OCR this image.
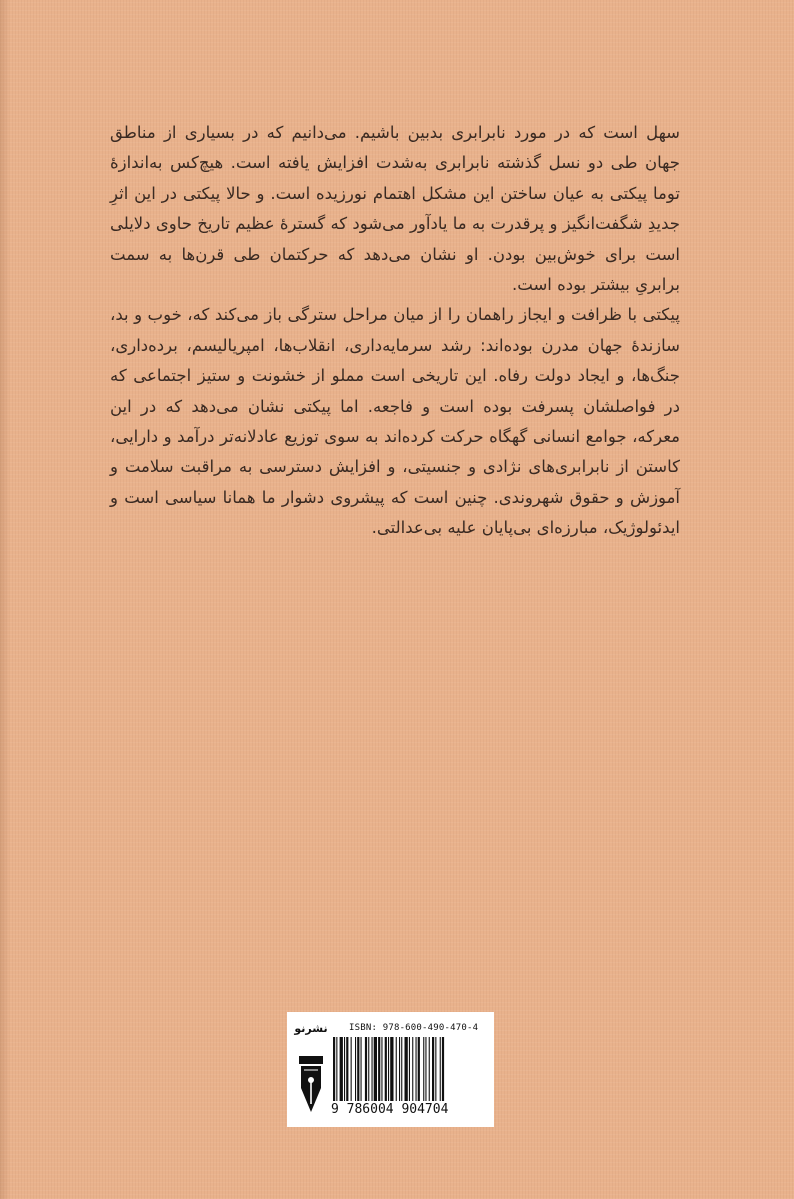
سهل است که در مورد نابرابری بدبین باشیم. می‌دانیم که در بسیاری از مناطق جهان طی دو نسل گذشته نابرابری به‌شدت افزایش یافته است. هیچ‌کس به‌اندازهٔ توما پیکتی به عیان ساختن این مشکل اهتمام نورزیده است. و حالا پیکتی در این اثرِ جدیدِ شگفت‌انگیز و پرقدرت به ما یادآور می‌شود که گسترهٔ عظیم تاریخ حاوی دلایلی است برای خوش‌بین بودن. او نشان می‌دهد که حرکتمان طی قرن‌ها به سمت برابریِ بیشتر بوده است.

پیکتی با ظرافت و ایجاز راهمان را از میان مراحل سترگی باز می‌کند که، خوب و بد، سازندهٔ جهان مدرن بوده‌اند: رشد سرمایه‌داری، انقلاب‌ها، امپریالیسم، برده‌داری، جنگ‌ها، و ایجاد دولت رفاه. این تاریخی است مملو از خشونت و ستیز اجتماعی که در فواصلشان پسرفت بوده است و فاجعه. اما پیکتی نشان می‌دهد که در این معرکه، جوامع انسانی گهگاه حرکت کرده‌اند به سوی توزیع عادلانه‌تر درآمد و دارایی، کاستن از نابرابری‌های نژادی و جنسیتی، و افزایش دسترسی به مراقبت سلامت و آموزش و حقوق شهروندی. چنین است که پیشروی دشوار ما همانا سیاسی است و ایدئولوژیک، مبارزه‌ای بی‌پایان علیه بی‌عدالتی.

نشرنو	ISBN: 978-600-490-470-4
9 786004 904704
